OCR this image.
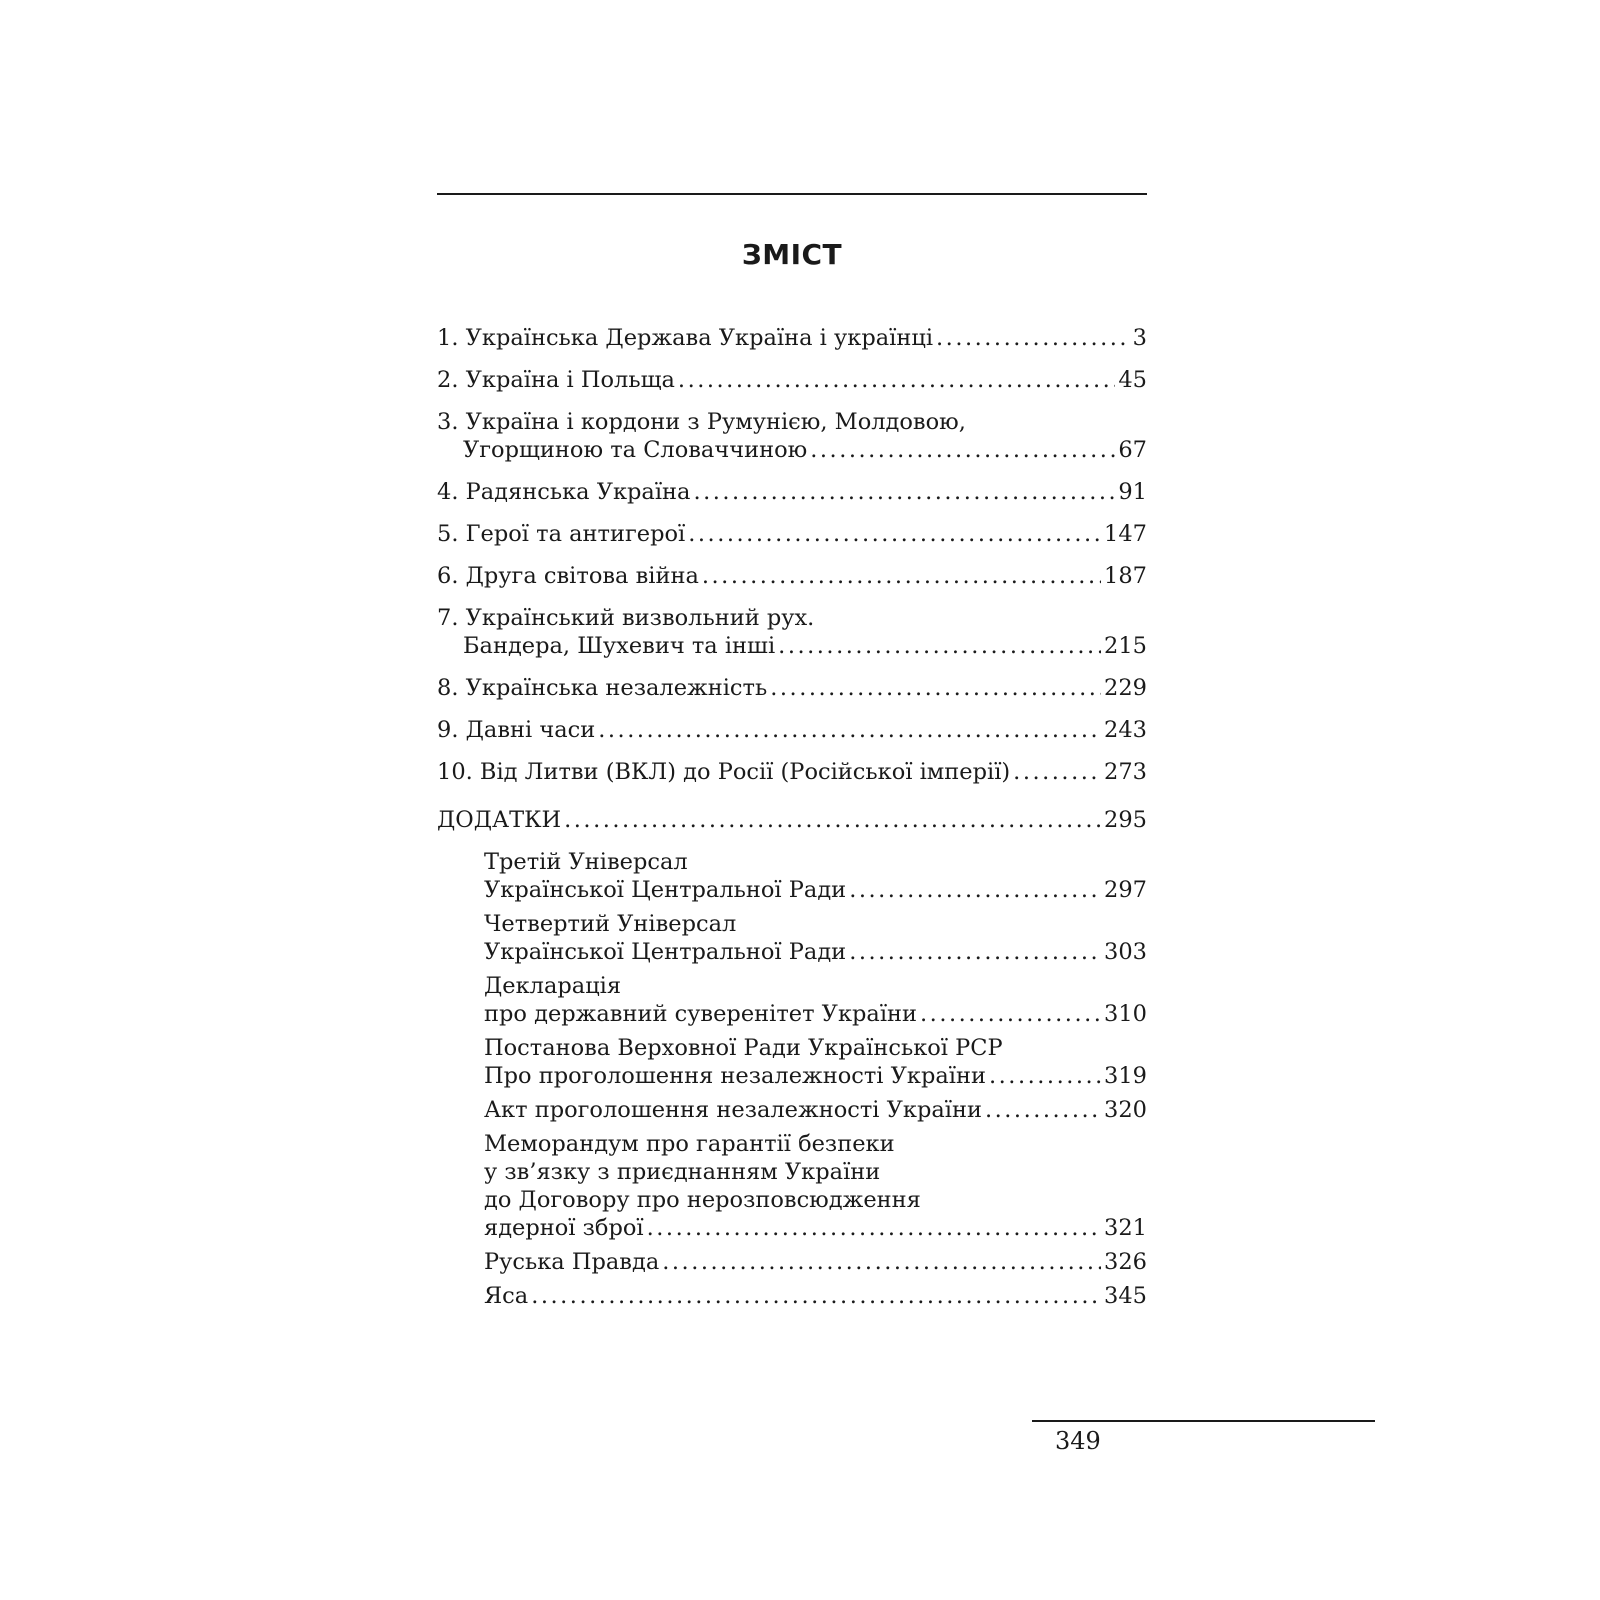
ЗМІСТ
1. Українська Держава Україна і українці .....	3
2. Україна і Польща .....	45
3. Україна і кордони з Румунією, Молдовою,
Угорщиною та Словаччиною .....	67
4. Радянська Україна .....	91
5. Герої та антигерої .....	147
6. Друга світова війна .....	187
7. Український визвольний рух.
Бандера, Шухевич та інші .....	215
8. Українська незалежність .....	229
9. Давні часи .....	243
10. Від Литви (ВКЛ) до Росії (Російської імперії) .....	273
ДОДАТКИ .....	295
Третій Універсал
Української Центральної Ради .....	297
Четвертий Універсал
Української Центральної Ради .....	303
Декларація
про державний суверенітет України .....	310
Постанова Верховної Ради Української РСР
Про проголошення незалежності України .....	319
Акт проголошення незалежності України .....	320
Меморандум про гарантії безпеки
у зв’язку з приєднанням України
до Договору про нерозповсюдження
ядерної зброї .....	321
Руська Правда .....	326
Яса .....	345
349
